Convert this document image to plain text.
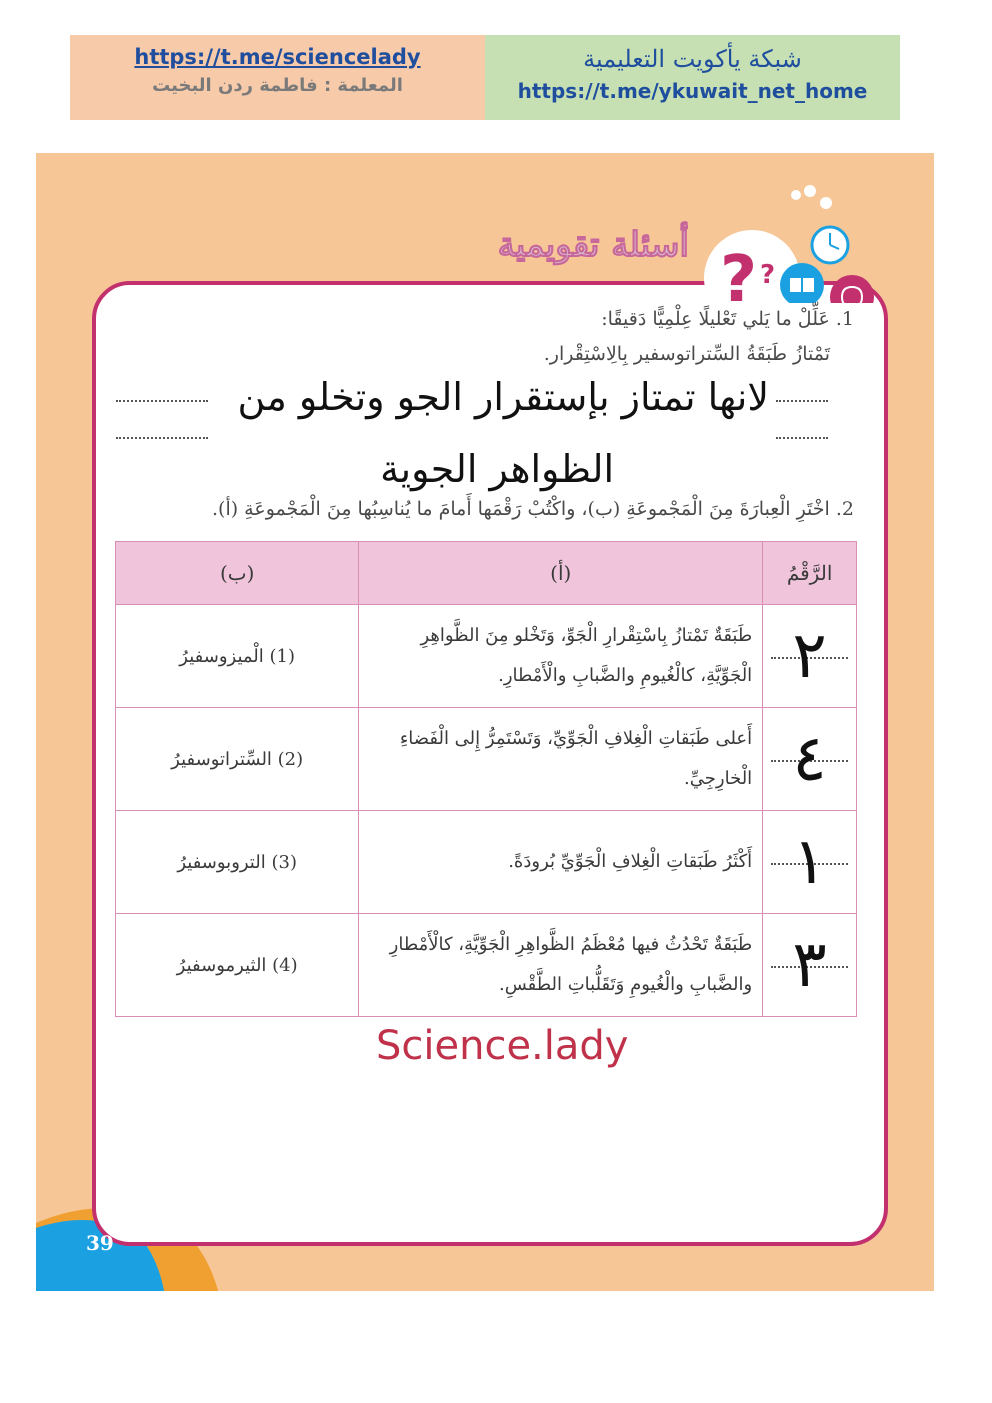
https://t.me/sciencelady
المعلمة : فاطمة ردن البخيت
شبكة يأكويت التعليمية
https://t.me/ykuwait_net_home
? ?
أسئلة تقويمية
1. عَلِّلْ ما يَلي تَعْليلًا عِلْمِيًّا دَقيقًا:
تَمْتازُ طَبَقَةُ السِّتراتوسفير بِالِاسْتِقْرار.
لانها تمتاز بإستقرار الجو وتخلو من
الظواهر الجوية
2. اخْتَرِ الْعِبارَةَ مِنَ الْمَجْموعَةِ (ب)، واكْتُبْ رَقْمَها أَمامَ ما يُناسِبُها مِنَ الْمَجْموعَةِ (أ).
الرَّقْمُ	(أ)	(ب)

٢	طَبَقَةٌ تَمْتازُ بِاسْتِقْرارِ الْجَوِّ، وَتَخْلو مِنَ الظَّواهِرِ الْجَوِّيَّةِ، كالْغُيومِ والضَّبابِ والْأَمْطارِ.	(1) الْميزوسفيرُ

٤	أَعلى طَبَقاتِ الْغِلافِ الْجَوِّيِّ، وَتَسْتَمِرُّ إِلى الْفَضاءِ الْخارِجِيِّ.	(2) السِّتراتوسفيرُ

١	أَكْثَرُ طَبَقاتِ الْغِلافِ الْجَوِّيِّ بُرودَةً.	(3) التروبوسفيرُ

٣	طَبَقَةٌ تَحْدُثُ فيها مُعْظَمُ الظَّواهِرِ الْجَوِّيَّةِ، كالْأَمْطارِ والضَّبابِ والْغُيومِ وَتَقَلُّباتِ الطَّقْسِ.	(4) الثيرموسفيرُ
Science.lady
39
